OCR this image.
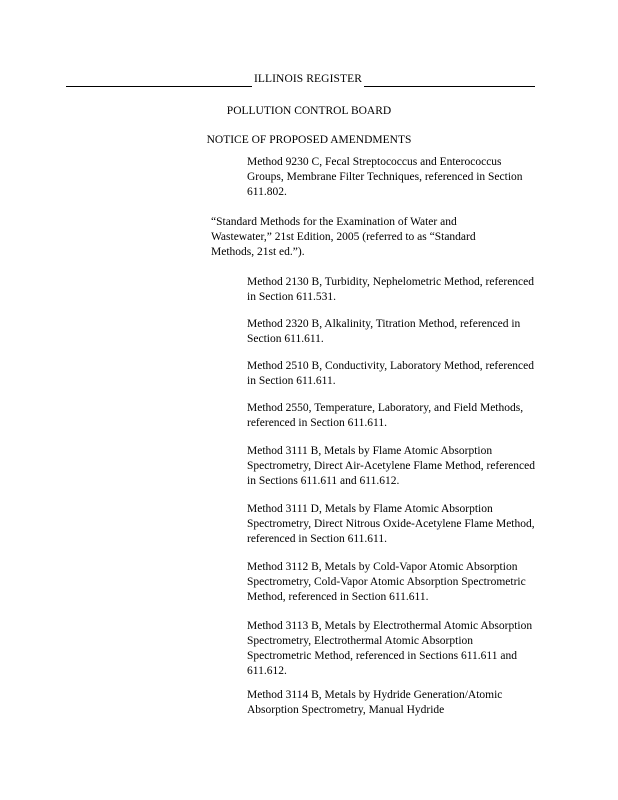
ILLINOIS REGISTER
POLLUTION CONTROL BOARD
NOTICE OF PROPOSED AMENDMENTS
Method 9230 C, Fecal Streptococcus and Enterococcus Groups, Membrane Filter Techniques, referenced in Section 611.802.
“Standard Methods for the Examination of Water and Wastewater,” 21st Edition, 2005 (referred to as “Standard Methods, 21st ed.”).
Method 2130 B, Turbidity, Nephelometric Method, referenced in Section 611.531.
Method 2320 B, Alkalinity, Titration Method, referenced in Section 611.611.
Method 2510 B, Conductivity, Laboratory Method, referenced in Section 611.611.
Method 2550, Temperature, Laboratory, and Field Methods, referenced in Section 611.611.
Method 3111 B, Metals by Flame Atomic Absorption Spectrometry, Direct Air-Acetylene Flame Method, referenced in Sections 611.611 and 611.612.
Method 3111 D, Metals by Flame Atomic Absorption Spectrometry, Direct Nitrous Oxide-Acetylene Flame Method, referenced in Section 611.611.
Method 3112 B, Metals by Cold-Vapor Atomic Absorption Spectrometry, Cold-Vapor Atomic Absorption Spectrometric Method, referenced in Section 611.611.
Method 3113 B, Metals by Electrothermal Atomic Absorption Spectrometry, Electrothermal Atomic Absorption Spectrometric Method, referenced in Sections 611.611 and 611.612.
Method 3114 B, Metals by Hydride Generation/Atomic Absorption Spectrometry, Manual Hydride
